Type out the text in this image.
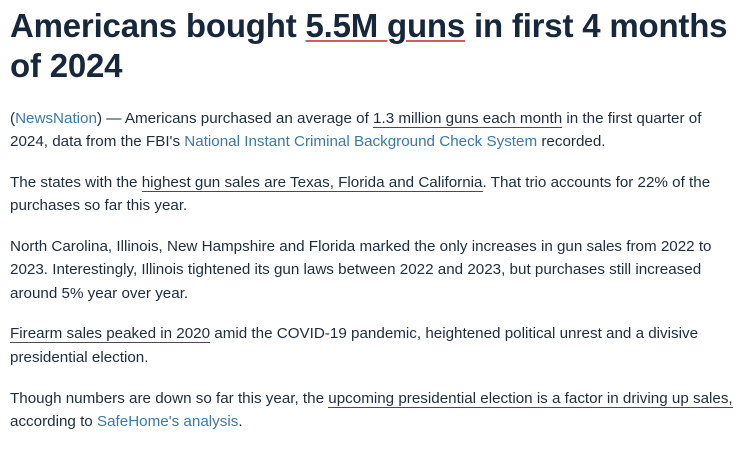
Americans bought 5.5M guns in first 4 months of 2024

(NewsNation) — Americans purchased an average of 1.3 million guns each month in the first quarter of 2024, data from the FBI's National Instant Criminal Background Check System recorded.

The states with the highest gun sales are Texas, Florida and California. That trio accounts for 22% of the purchases so far this year.

North Carolina, Illinois, New Hampshire and Florida marked the only increases in gun sales from 2022 to 2023. Interestingly, Illinois tightened its gun laws between 2022 and 2023, but purchases still increased around 5% year over year.

Firearm sales peaked in 2020 amid the COVID-19 pandemic, heightened political unrest and a divisive presidential election.

Though numbers are down so far this year, the upcoming presidential election is a factor in driving up sales, according to SafeHome's analysis.
